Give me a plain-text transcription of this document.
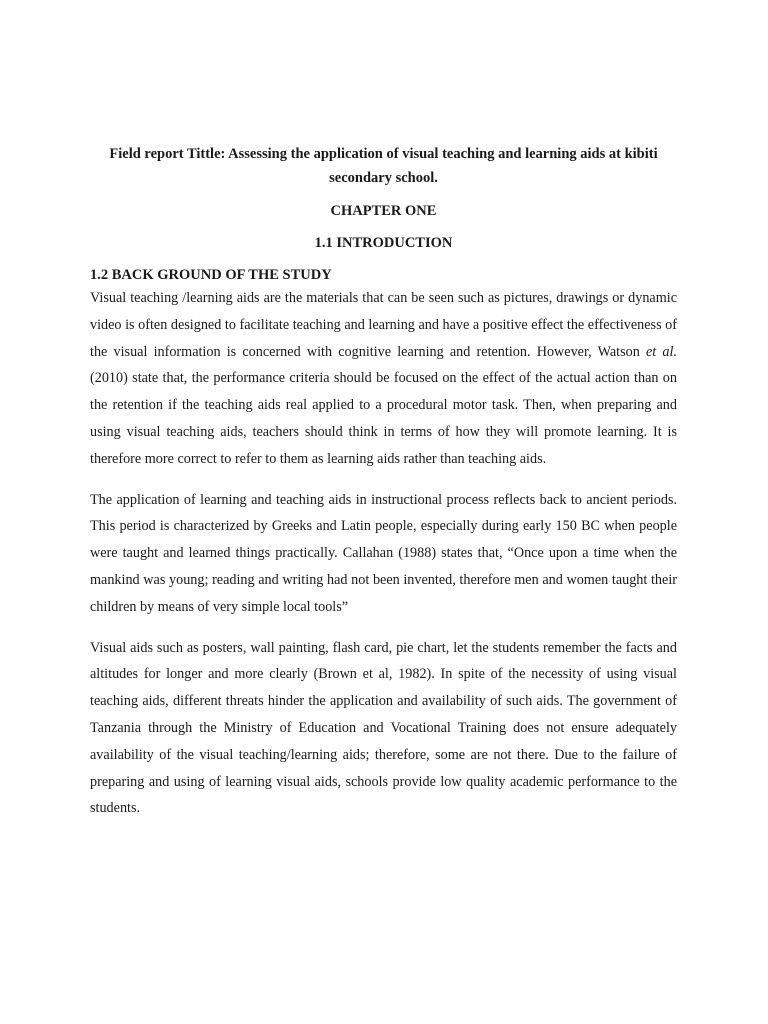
Field report Tittle: Assessing the application of visual teaching and learning aids at kibiti secondary school.

CHAPTER ONE

1.1 INTRODUCTION

1.2 BACK GROUND OF THE STUDY

Visual teaching /learning aids are the materials that can be seen such as pictures, drawings or dynamic video is often designed to facilitate teaching and learning and have a positive effect the effectiveness of the visual information is concerned with cognitive learning and retention. However, Watson et al. (2010) state that, the performance criteria should be focused on the effect of the actual action than on the retention if the teaching aids real applied to a procedural motor task. Then, when preparing and using visual teaching aids, teachers should think in terms of how they will promote learning. It is therefore more correct to refer to them as learning aids rather than teaching aids.

The application of learning and teaching aids in instructional process reflects back to ancient periods. This period is characterized by Greeks and Latin people, especially during early 150 BC when people were taught and learned things practically. Callahan (1988) states that, “Once upon a time when the mankind was young; reading and writing had not been invented, therefore men and women taught their children by means of very simple local tools”

Visual aids such as posters, wall painting, flash card, pie chart, let the students remember the facts and altitudes for longer and more clearly (Brown et al, 1982). In spite of the necessity of using visual teaching aids, different threats hinder the application and availability of such aids. The government of Tanzania through the Ministry of Education and Vocational Training does not ensure adequately availability of the visual teaching/learning aids; therefore, some are not there. Due to the failure of preparing and using of learning visual aids, schools provide low quality academic performance to the students.
